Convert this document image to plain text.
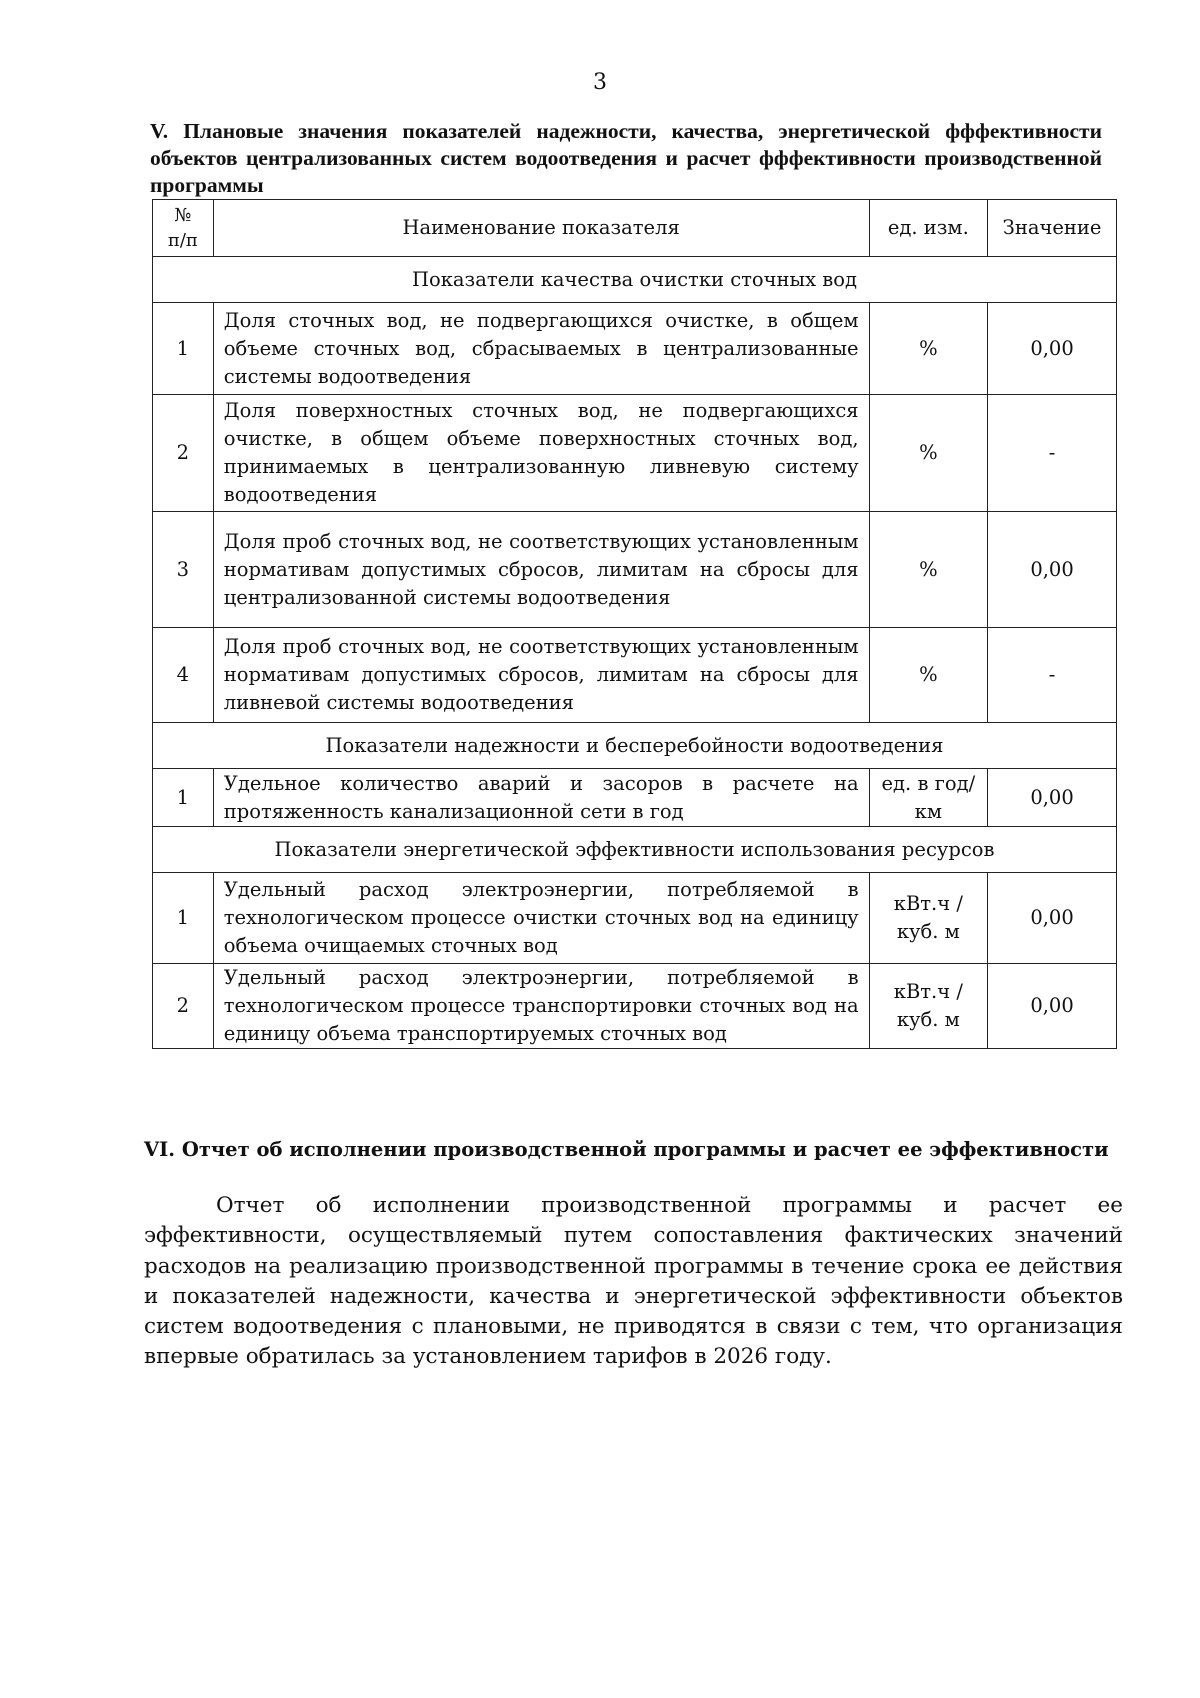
3
V. Плановые значения показателей надежности, качества, энергетической фффективности объектов централизованных систем водоотведения и расчет фффективности производственной программы
№ п/п	Наименование показателя	ед. изм.	Значение
Показатели качества очистки сточных вод			
1	Доля сточных вод, не подвергающихся очистке, в общем объеме сточных вод, сбрасываемых в централизованные системы водоотведения	%	0,00
2	Доля поверхностных сточных вод, не подвергающихся очистке, в общем объеме поверхностных сточных вод, принимаемых в централизованную ливневую систему водоотведения	%	-
3	Доля проб сточных вод, не соответствующих установленным нормативам допустимых сбросов, лимитам на сбросы для централизованной системы водоотведения	%	0,00
4	Доля проб сточных вод, не соответствующих установленным нормативам допустимых сбросов, лимитам на сбросы для ливневой системы водоотведения	%	-
Показатели надежности и бесперебойности водоотведения			
1	Удельное количество аварий и засоров в расчете на протяженность канализационной сети в год	ед. в год/ км	0,00
Показатели энергетической эффективности использования ресурсов			
1	Удельный расход электроэнергии, потребляемой в технологическом процессе очистки сточных вод на единицу объема очищаемых сточных вод	кВт.ч / куб. м	0,00
2	Удельный расход электроэнергии, потребляемой в технологическом процессе транспортировки сточных вод на единицу объема транспортируемых сточных вод	кВт.ч / куб. м	0,00
VI. Отчет об исполнении производственной программы и расчет ее эффективности

Отчет об исполнении производственной программы и расчет ее эффективности, осуществляемый путем сопоставления фактических значений расходов на реализацию производственной программы в течение срока ее действия и показателей надежности, качества и энергетической эффективности объектов систем водоотведения с плановыми, не приводятся в связи с тем, что организация впервые обратилась за установлением тарифов в 2026 году.
